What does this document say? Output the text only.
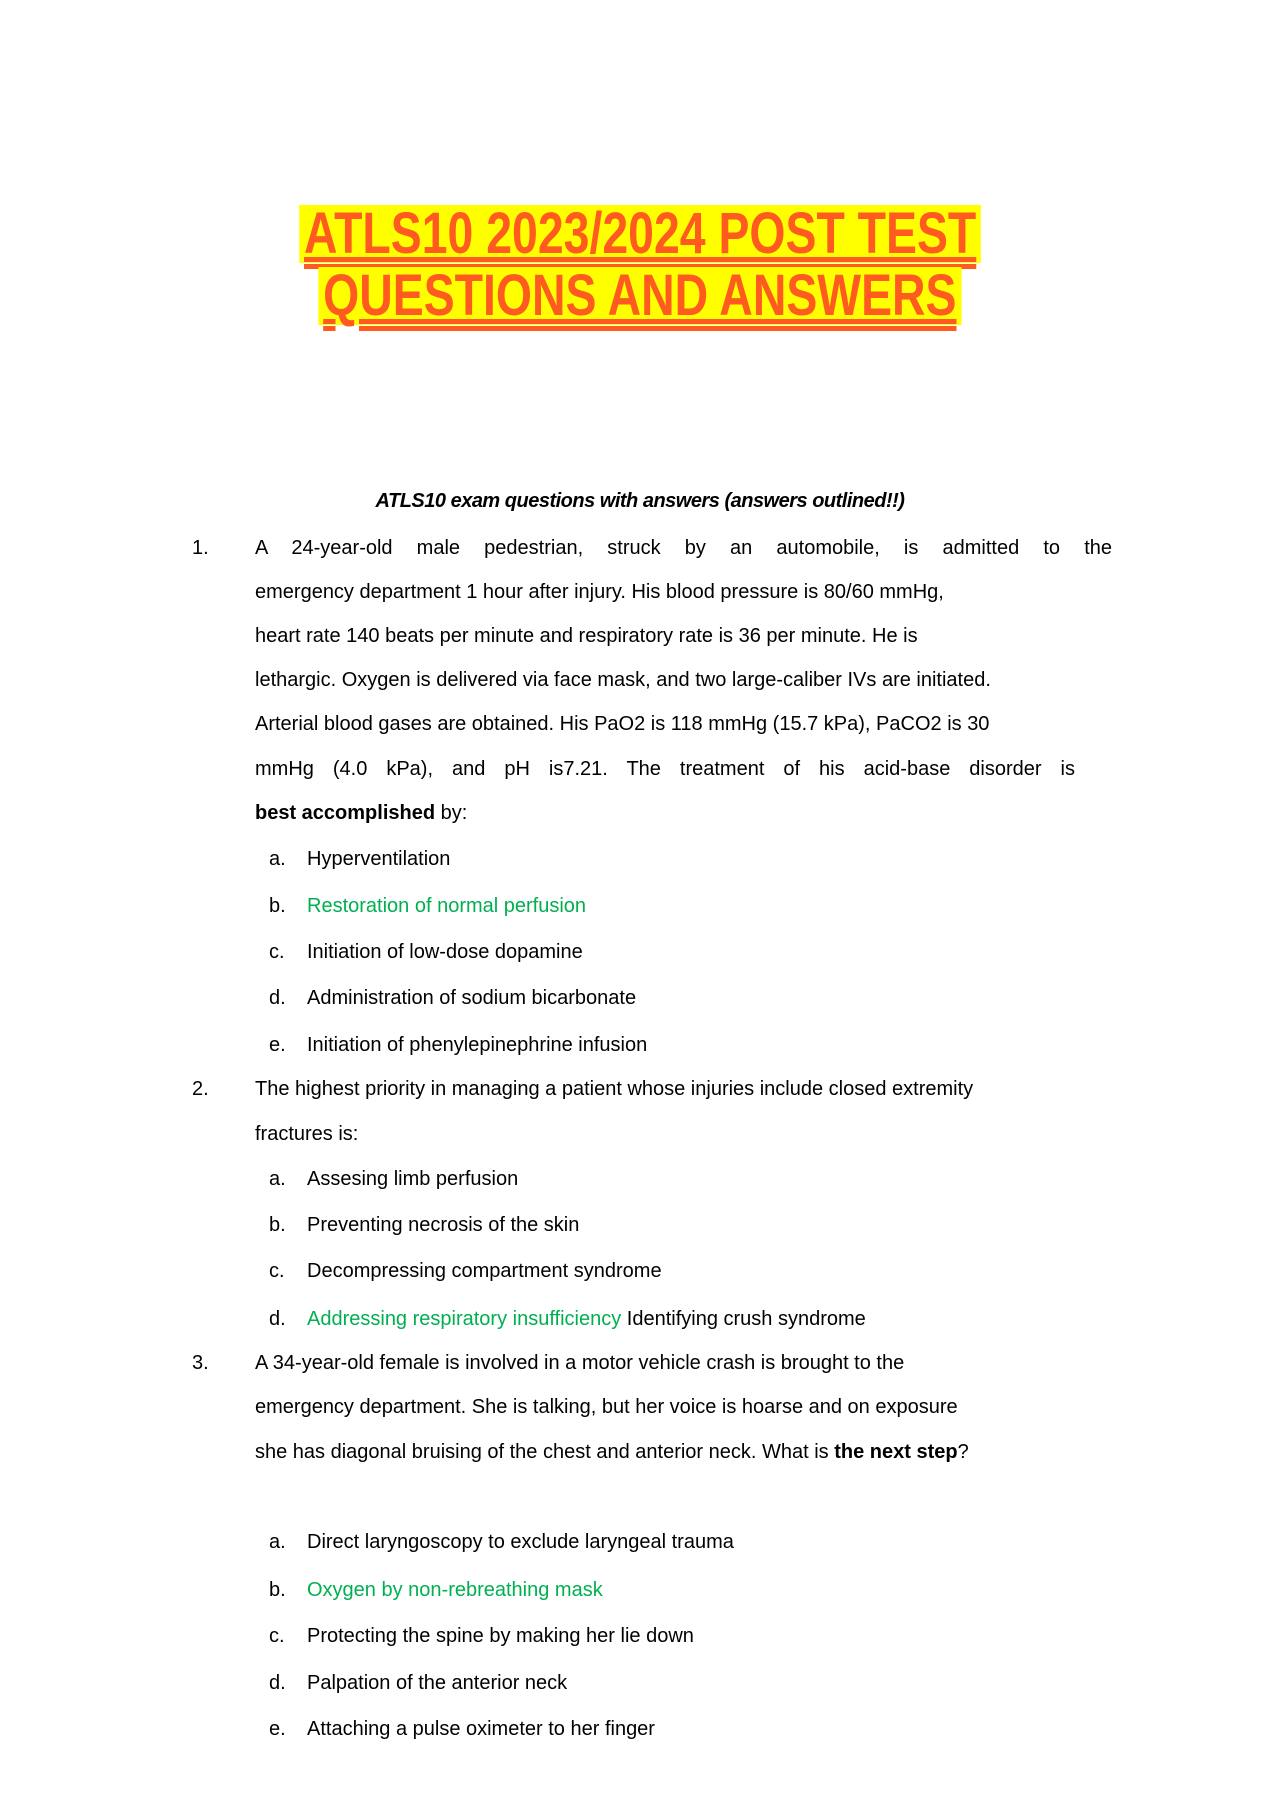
ATLS10 2023/2024 POST TEST
QUESTIONS AND ANSWERS
ATLS10 exam questions with answers (answers outlined!!)
1. A 24-year-old male pedestrian, struck by an automobile, is admitted to the
emergency department 1 hour after injury. His blood pressure is 80/60 mmHg,
heart rate 140 beats per minute and respiratory rate is 36 per minute. He is
lethargic. Oxygen is delivered via face mask, and two large-caliber IVs are initiated.
Arterial blood gases are obtained. His PaO2 is 118 mmHg (15.7 kPa), PaCO2 is 30
mmHg (4.0 kPa), and pH is7.21. The treatment of his acid-base disorder is
best accomplished by:
a. Hyperventilation
b. Restoration of normal perfusion
c. Initiation of low-dose dopamine
d. Administration of sodium bicarbonate
e. Initiation of phenylepinephrine infusion
2. The highest priority in managing a patient whose injuries include closed extremity
fractures is:
a. Assesing limb perfusion
b. Preventing necrosis of the skin
c. Decompressing compartment syndrome
d. Addressing respiratory insufficiency Identifying crush syndrome
3. A 34-year-old female is involved in a motor vehicle crash is brought to the
emergency department. She is talking, but her voice is hoarse and on exposure
she has diagonal bruising of the chest and anterior neck. What is the next step?
a. Direct laryngoscopy to exclude laryngeal trauma
b. Oxygen by non-rebreathing mask
c. Protecting the spine by making her lie down
d. Palpation of the anterior neck
e. Attaching a pulse oximeter to her finger
